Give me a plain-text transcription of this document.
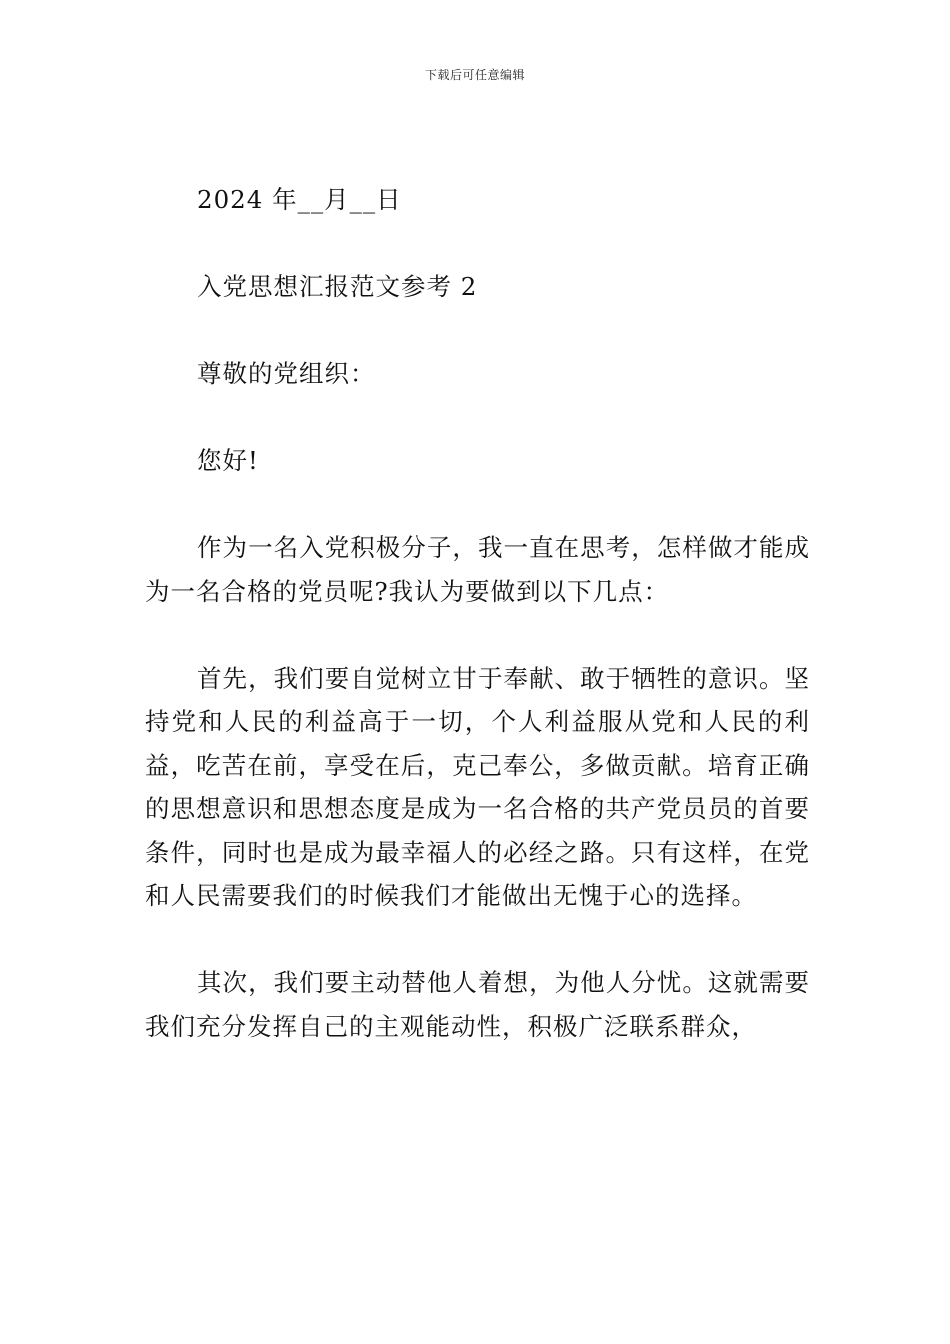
下载后可任意编辑

2024 年__月__日

入党思想汇报范文参考 2

尊敬的党组织：

您好!

作为一名入党积极分子，我一直在思考，怎样做才能成为一名合格的党员呢?我认为要做到以下几点：

首先，我们要自觉树立甘于奉献、敢于牺牲的意识。坚持党和人民的利益高于一切，个人利益服从党和人民的利益，吃苦在前，享受在后，克己奉公，多做贡献。培育正确的思想意识和思想态度是成为一名合格的共产党员员的首要条件，同时也是成为最幸福人的必经之路。只有这样，在党和人民需要我们的时候我们才能做出无愧于心的选择。

其次，我们要主动替他人着想，为他人分忧。这就需要我们充分发挥自己的主观能动性，积极广泛联系群众，
